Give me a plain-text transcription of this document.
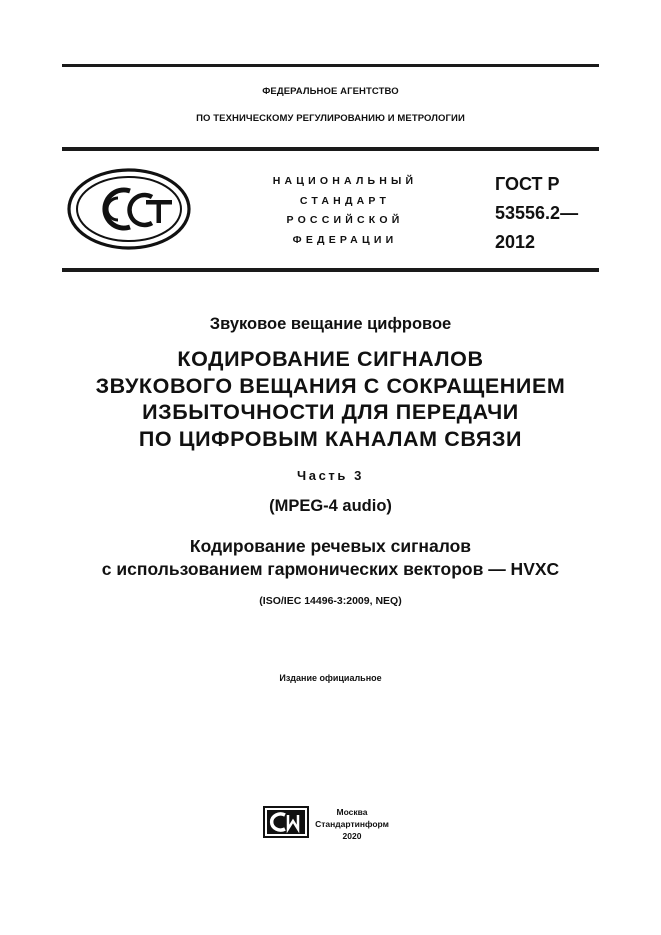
ФЕДЕРАЛЬНОЕ АГЕНТСТВО
ПО ТЕХНИЧЕСКОМУ РЕГУЛИРОВАНИЮ И МЕТРОЛОГИИ
НАЦИОНАЛЬНЫЙ
СТАНДАРТ
РОССИЙСКОЙ
ФЕДЕРАЦИИ
ГОСТ Р
53556.2—
2012
Звуковое вещание цифровое
КОДИРОВАНИЕ СИГНАЛОВ
ЗВУКОВОГО ВЕЩАНИЯ С СОКРАЩЕНИЕМ
ИЗБЫТОЧНОСТИ ДЛЯ ПЕРЕДАЧИ
ПО ЦИФРОВЫМ КАНАЛАМ СВЯЗИ
Часть 3
(MPEG-4 audio)
Кодирование речевых сигналов
с использованием гармонических векторов — HVXC
(ISO/IEC 14496-3:2009, NEQ)
Издание официальное
Москва
Стандартинформ
2020
